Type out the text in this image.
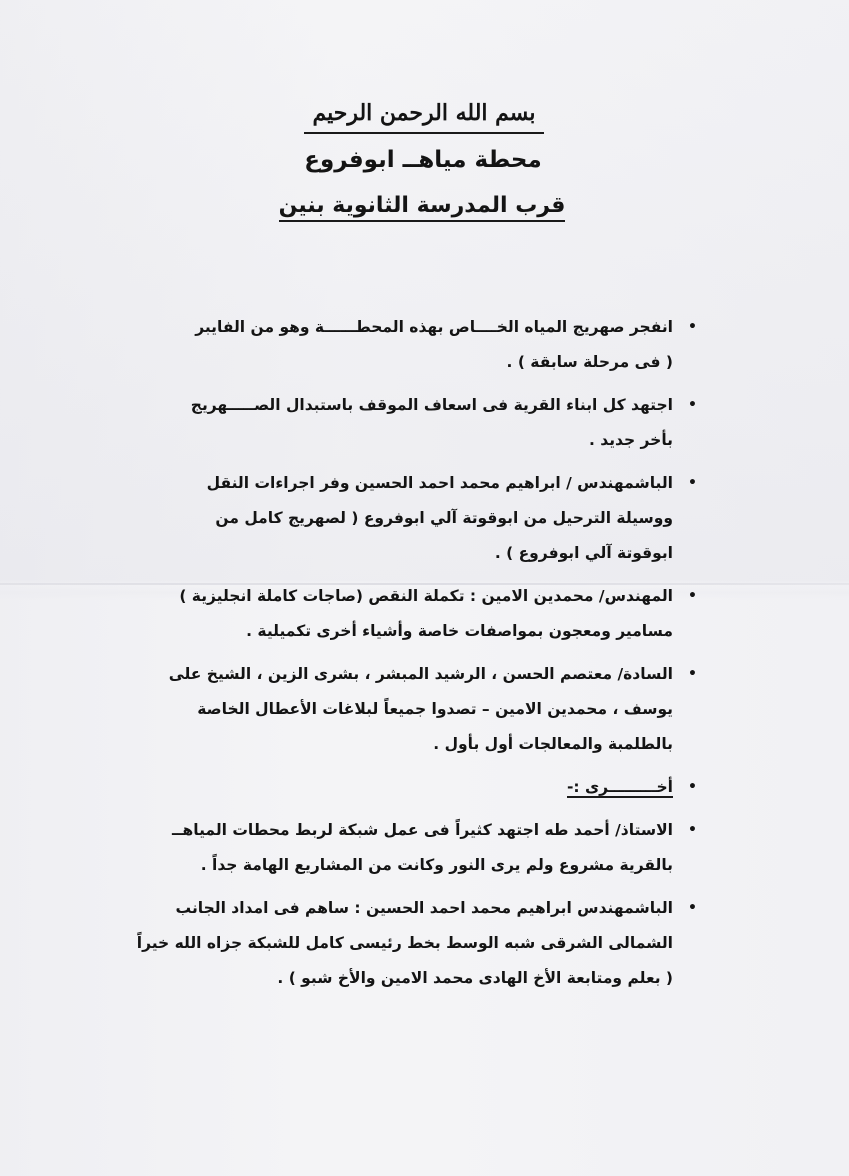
بسم الله الرحمن الرحيم
محطة مياهــ ابوفروع
قرب المدرسة الثانوية بنين
•
انفجر صهريج المياه الخــــاص بهذه المحطــــــة وهو من الفايبر
( فى مرحلة سابقة ) .
•
اجتهد كل ابناء القرية فى اسعاف الموقف باستبدال الصـــــهريج
بأخر جديد .
•
الباشمهندس / ابراهيم محمد احمد الحسين وفر اجراءات النقل
ووسيلة الترحيل من ابوقوتة آلي ابوفروع ( لصهريج كامل من
ابوقوتة آلي ابوفروع ) .
•
المهندس/ محمدين الامين : تكملة النقص (صاجات كاملة انجليزية )
مسامير ومعجون بمواصفات خاصة وأشياء أخرى تكميلية .
•
السادة/ معتصم الحسن ، الرشيد المبشر ، بشرى الزين ، الشيخ على
يوسف ، محمدين الامين – تصدوا جميعاً لبلاغات الأعطال الخاصة
بالطلمبة والمعالجات أول بأول .
•
أخـــــــــرى :-
•
الاستاذ/ أحمد طه اجتهد كثيراً فى عمل شبكة لربط محطات المياهــ
بالقرية مشروع ولم يرى النور وكانت من المشاريع الهامة جداً .
•
الباشمهندس ابراهيم محمد احمد الحسين : ساهم فى امداد الجانب
الشمالى الشرقى شبه الوسط بخط رئيسى كامل للشبكة جزاه الله خيراً
( بعلم ومتابعة الأخ الهادى محمد الامين والأخ شبو ) .
